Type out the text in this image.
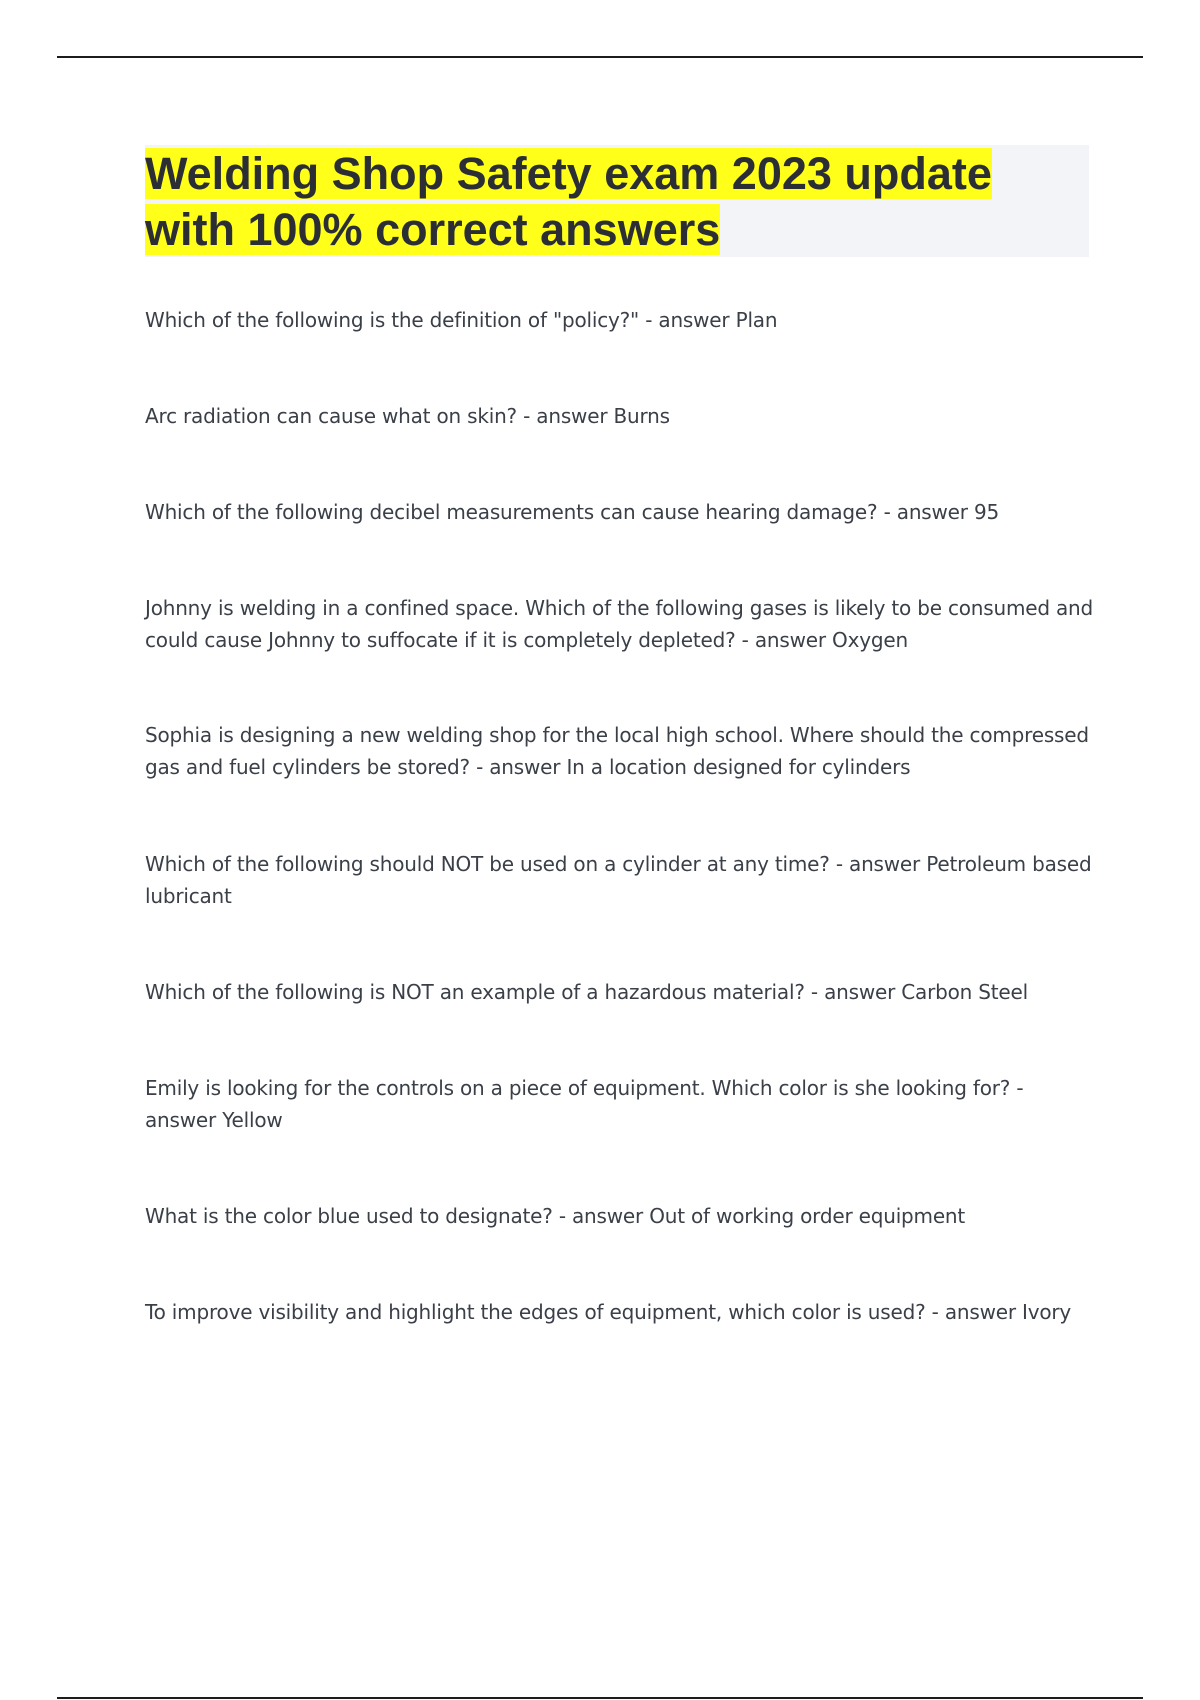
Welding Shop Safety exam 2023 update
with 100% correct answers

Which of the following is the definition of "policy?" - answer Plan

Arc radiation can cause what on skin? - answer Burns

Which of the following decibel measurements can cause hearing damage? - answer 95

Johnny is welding in a confined space. Which of the following gases is likely to be consumed and could cause Johnny to suffocate if it is completely depleted? - answer Oxygen

Sophia is designing a new welding shop for the local high school. Where should the compressed gas and fuel cylinders be stored? - answer In a location designed for cylinders

Which of the following should NOT be used on a cylinder at any time? - answer Petroleum based lubricant

Which of the following is NOT an example of a hazardous material? - answer Carbon Steel

Emily is looking for the controls on a piece of equipment. Which color is she looking for? - answer Yellow

What is the color blue used to designate? - answer Out of working order equipment

To improve visibility and highlight the edges of equipment, which color is used? - answer Ivory
